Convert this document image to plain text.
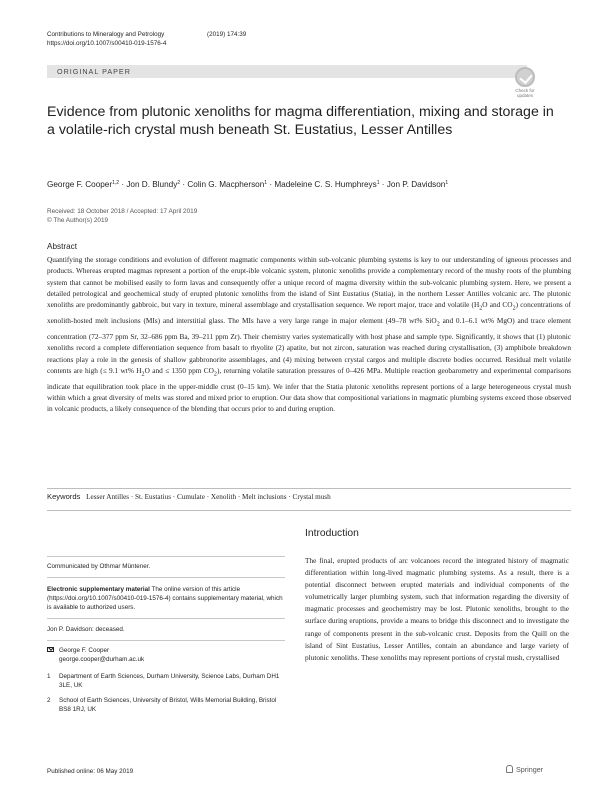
Contributions to Mineralogy and Petrology	(2019) 174:39
https://doi.org/10.1007/s00410-019-1576-4
ORIGINAL PAPER
Check for
updates
Evidence from plutonic xenoliths for magma differentiation, mixing and storage in a volatile-rich crystal mush beneath St. Eustatius, Lesser Antilles
George F. Cooper$^{1,2}$ · Jon D. Blundy$^2$ · Colin G. Macpherson$^1$ · Madeleine C. S. Humphreys$^1$ · Jon P. Davidson$^1$
Received: 18 October 2018 / Accepted: 17 April 2019
© The Author(s) 2019
Abstract

Quantifying the storage conditions and evolution of different magmatic components within sub-volcanic plumbing systems is key to our understanding of igneous processes and products. Whereas erupted magmas represent a portion of the erupt-ible volcanic system, plutonic xenoliths provide a complementary record of the mushy roots of the plumbing system that cannot be mobilised easily to form lavas and consequently offer a unique record of magma diversity within the sub-volcanic plumbing system. Here, we present a detailed petrological and geochemical study of erupted plutonic xenoliths from the island of Sint Eustatius (Statia), in the northern Lesser Antilles volcanic arc. The plutonic xenoliths are predominantly gabbroic, but vary in texture, mineral assemblage and crystallisation sequence. We report major, trace and volatile ($H_2O$ and $CO_2$) concentrations of xenolith-hosted melt inclusions (MIs) and interstitial glass. The MIs have a very large range in major element (49–78 wt% SiO$_2$ and 0.1–6.1 wt% MgO) and trace element concentration (72–377 ppm Sr, 32–686 ppm Ba, 39–211 ppm Zr). Their chemistry varies systematically with host phase and sample type. Significantly, it shows that (1) plutonic xenoliths record a complete differentiation sequence from basalt to rhyolite (2) apatite, but not zircon, saturation was reached during crystallisation, (3) amphibole breakdown reactions play a role in the genesis of shallow gabbronorite assemblages, and (4) mixing between crystal cargos and multiple discrete bodies occurred. Residual melt volatile contents are high (≤ 9.1 wt% $H_2O$ and ≤ 1350 ppm $CO_2$), returning volatile saturation pressures of 0–426 MPa. Multiple reaction geobarometry and experimental comparisons indicate that equilibration took place in the upper-middle crust (0–15 km). We infer that the Statia plutonic xenoliths represent portions of a large heterogeneous crystal mush within which a great diversity of melts was stored and mixed prior to eruption. Our data show that compositional variations in magmatic plumbing systems exceed those observed in volcanic products, a likely consequence of the blending that occurs prior to and during eruption.

Keywords Lesser Antilles · St. Eustatius · Cumulate · Xenolith · Melt inclusions · Crystal mush
Communicated by Othmar Müntener.
Electronic supplementary material The online version of this article (https://doi.org/10.1007/s00410-019-1576-4) contains supplementary material, which is available to authorized users.
Jon P. Davidson: deceased.
George F. Cooper
george.cooper@durham.ac.uk
1 Department of Earth Sciences, Durham University, Science Labs, Durham DH1 3LE, UK
2 School of Earth Sciences, University of Bristol, Wills Memorial Building, Bristol BS8 1RJ, UK
Introduction

The final, erupted products of arc volcanoes record the integrated history of magmatic differentiation within long-lived magmatic plumbing systems. As a result, there is a potential disconnect between erupted materials and individual components of the volumetrically larger plumbing system, such that information regarding the diversity of magmatic processes and geochemistry may be lost. Plutonic xenoliths, brought to the surface during eruptions, provide a means to bridge this disconnect and to investigate the range of components present in the sub-volcanic crust. Deposits from the Quill on the island of Sint Eustatius, Lesser Antilles, contain an abundance and large variety of plutonic xenoliths. These xenoliths may represent portions of crystal mush, crystallised

Published online: 06 May 2019	Springer
